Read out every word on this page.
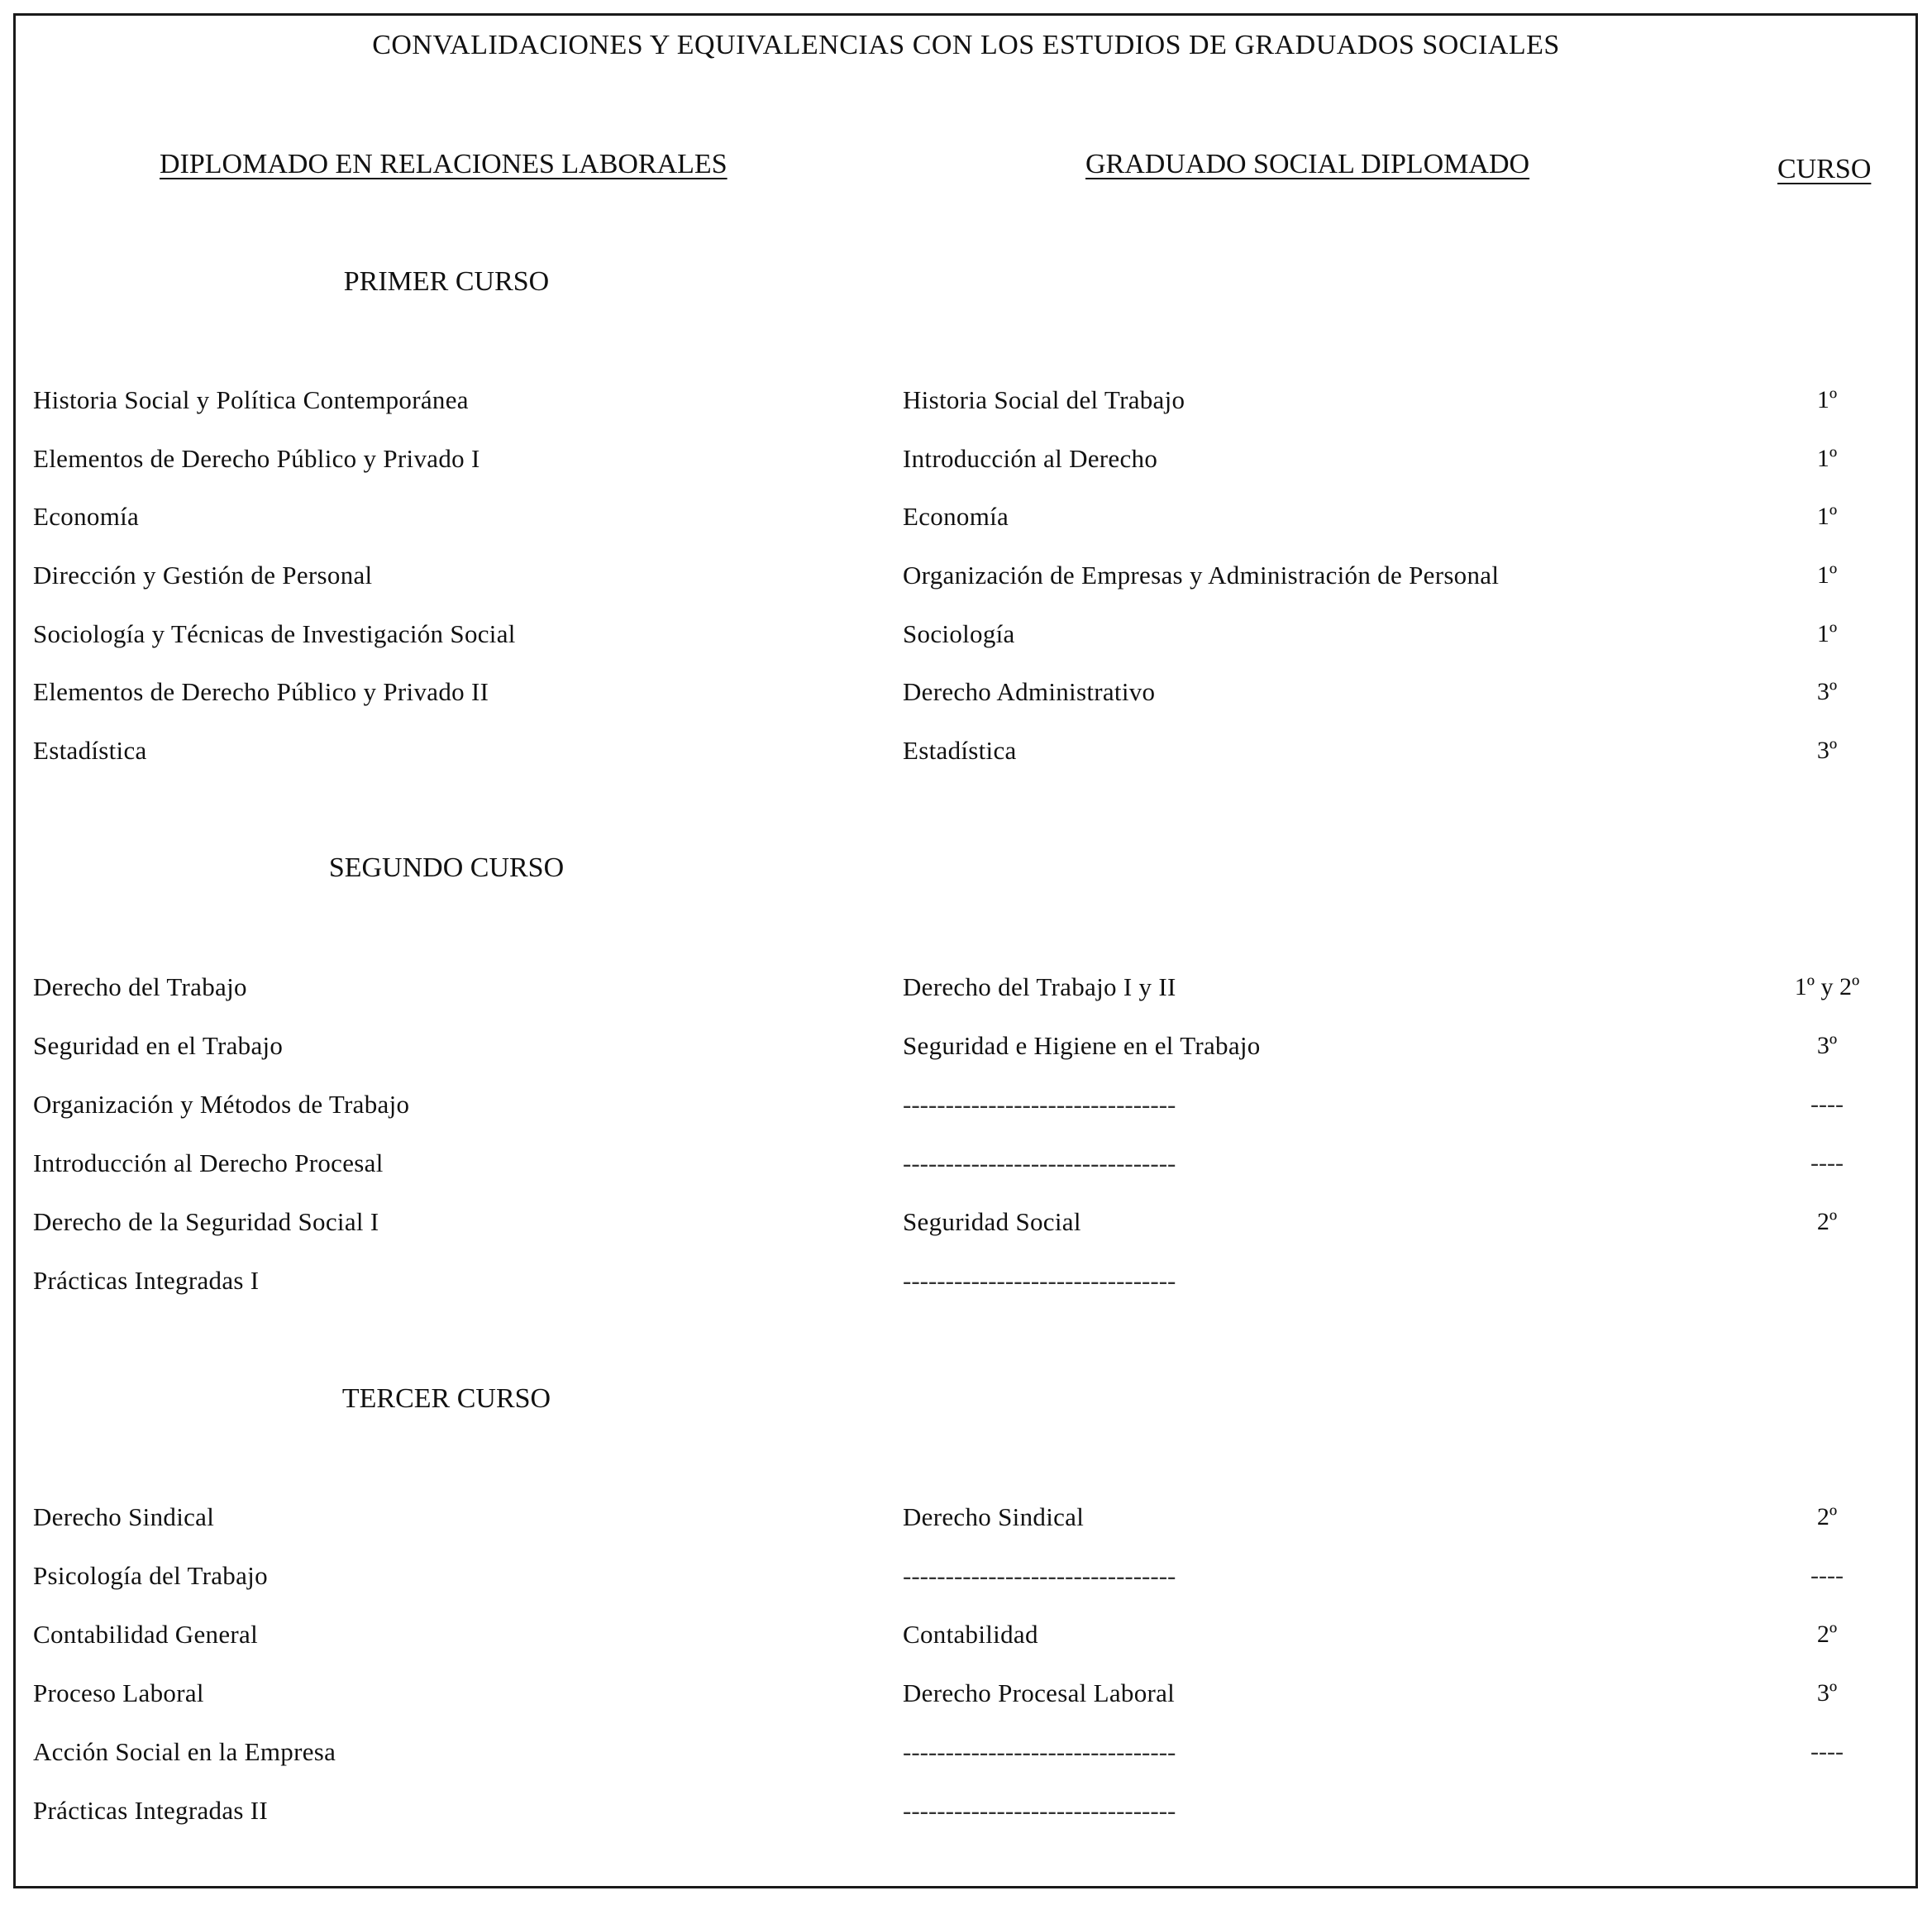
CONVALIDACIONES Y EQUIVALENCIAS CON LOS ESTUDIOS DE GRADUADOS SOCIALES
DIPLOMADO EN RELACIONES LABORALES	GRADUADO SOCIAL DIPLOMADO	CURSO
PRIMER CURSO
Historia Social y Política Contemporánea	Historia Social del Trabajo	1º
Elementos de Derecho Público y Privado I	Introducción al Derecho	1º
Economía	Economía	1º
Dirección y Gestión de Personal	Organización de Empresas y Administración de Personal	1º
Sociología y Técnicas de Investigación Social	Sociología	1º
Elementos de Derecho Público y Privado II	Derecho Administrativo	3º
Estadística	Estadística	3º
SEGUNDO CURSO
Derecho del Trabajo	Derecho del Trabajo I y II	1º y 2º
Seguridad en el Trabajo	Seguridad e Higiene en el Trabajo	3º
Organización y Métodos de Trabajo	--------------------------------	----
Introducción al Derecho Procesal	--------------------------------	----
Derecho de la Seguridad Social I	Seguridad Social	2º
Prácticas Integradas I	--------------------------------
TERCER CURSO
Derecho Sindical	Derecho Sindical	2º
Psicología del Trabajo	--------------------------------	----
Contabilidad General	Contabilidad	2º
Proceso Laboral	Derecho Procesal Laboral	3º
Acción Social en la Empresa	--------------------------------	----
Prácticas Integradas II	--------------------------------
